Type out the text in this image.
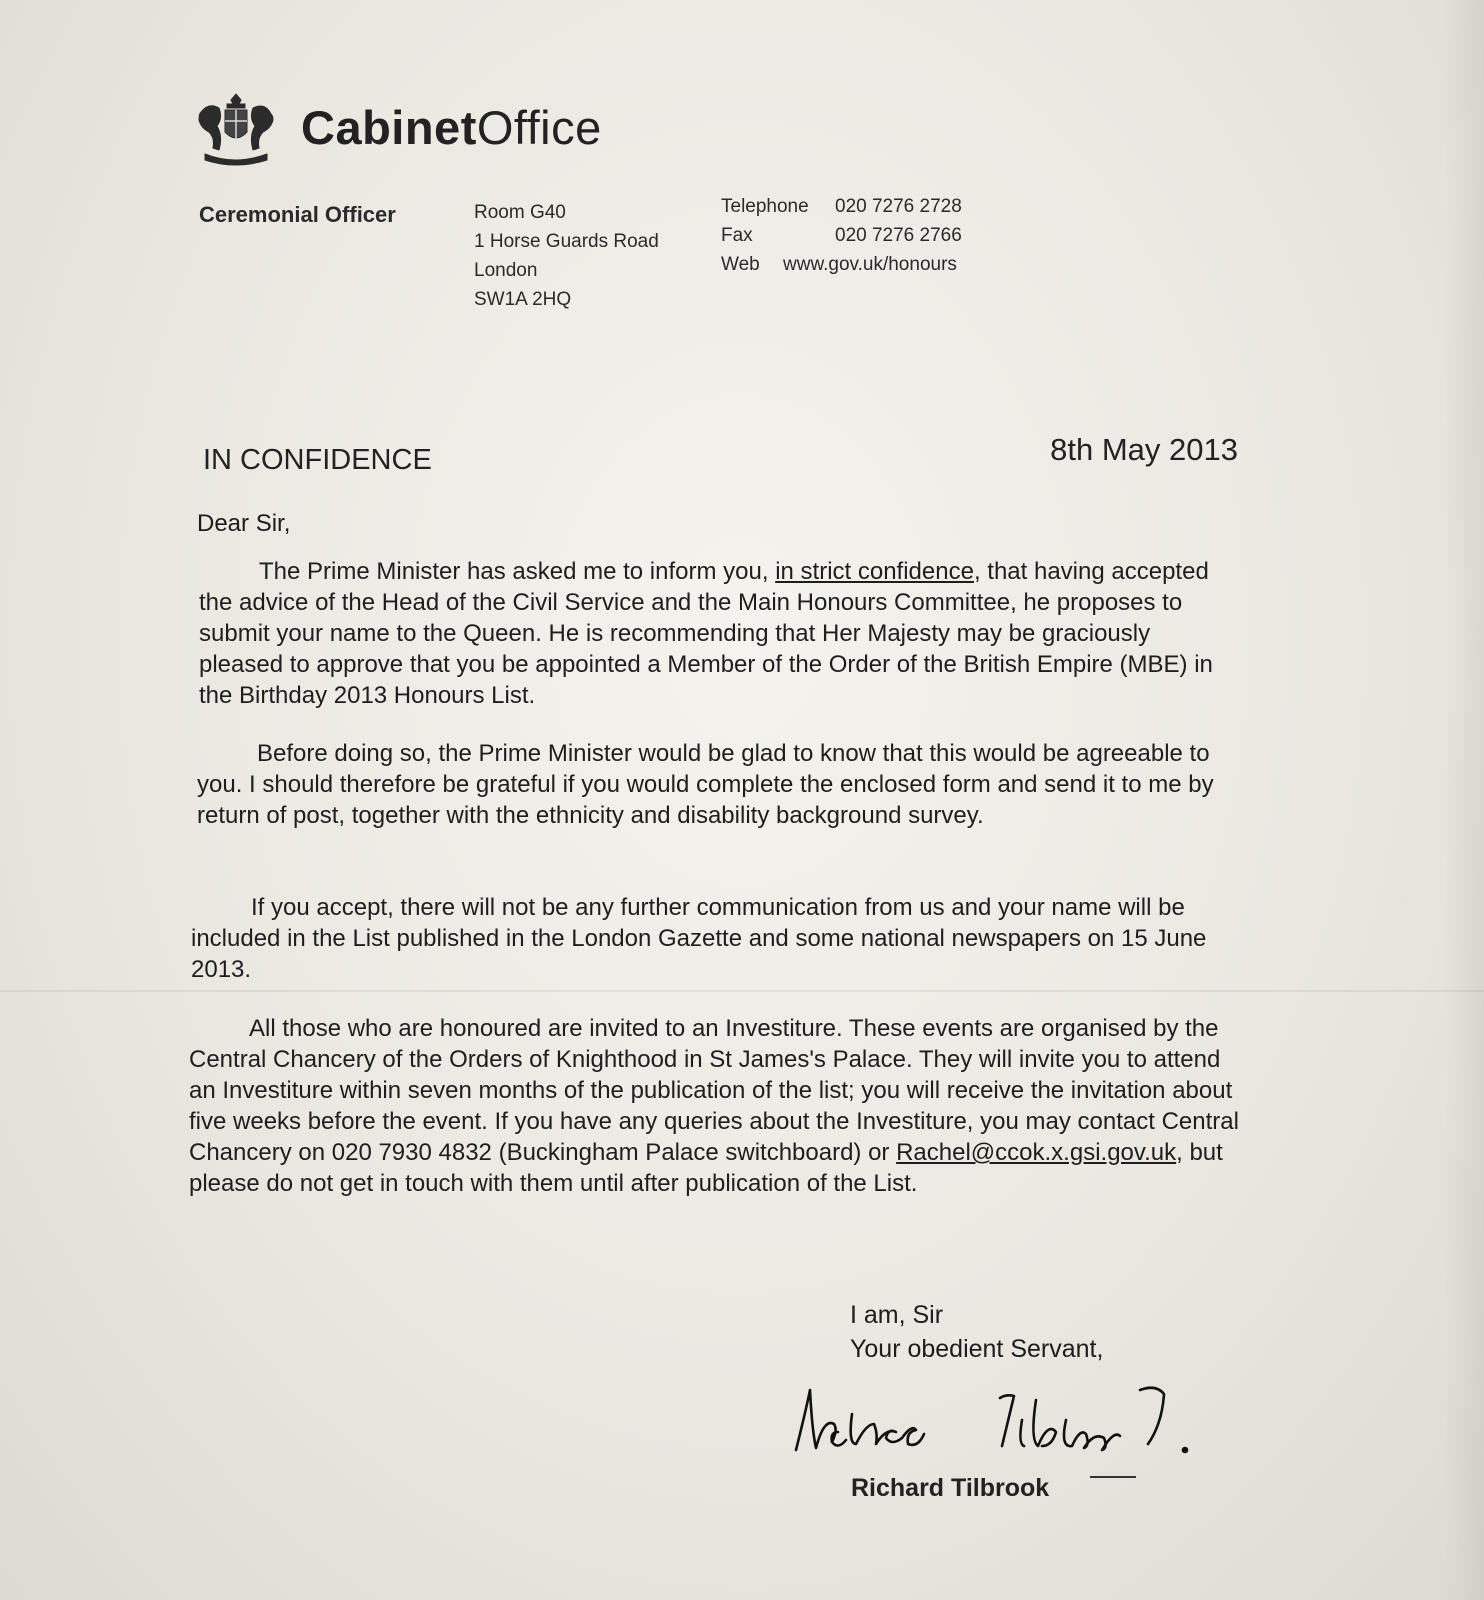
CabinetOffice
Ceremonial Officer	Room G40
1 Horse Guards Road
London
SW1A 2HQ
Telephone	020 7276 2728
Fax	020 7276 2766
Web	www.gov.uk/honours
IN CONFIDENCE	8th May 2013
Dear Sir,

The Prime Minister has asked me to inform you, in strict confidence, that having accepted the advice of the Head of the Civil Service and the Main Honours Committee, he proposes to submit your name to the Queen. He is recommending that Her Majesty may be graciously pleased to approve that you be appointed a Member of the Order of the British Empire (MBE) in the Birthday 2013 Honours List.

Before doing so, the Prime Minister would be glad to know that this would be agreeable to you. I should therefore be grateful if you would complete the enclosed form and send it to me by return of post, together with the ethnicity and disability background survey.

If you accept, there will not be any further communication from us and your name will be included in the List published in the London Gazette and some national newspapers on 15 June 2013.

All those who are honoured are invited to an Investiture. These events are organised by the Central Chancery of the Orders of Knighthood in St James's Palace. They will invite you to attend an Investiture within seven months of the publication of the list; you will receive the invitation about five weeks before the event. If you have any queries about the Investiture, you may contact Central Chancery on 020 7930 4832 (Buckingham Palace switchboard) or Rachel@ccok.x.gsi.gov.uk, but please do not get in touch with them until after publication of the List.

I am, Sir
Your obedient Servant,
Richard Tilbrook
